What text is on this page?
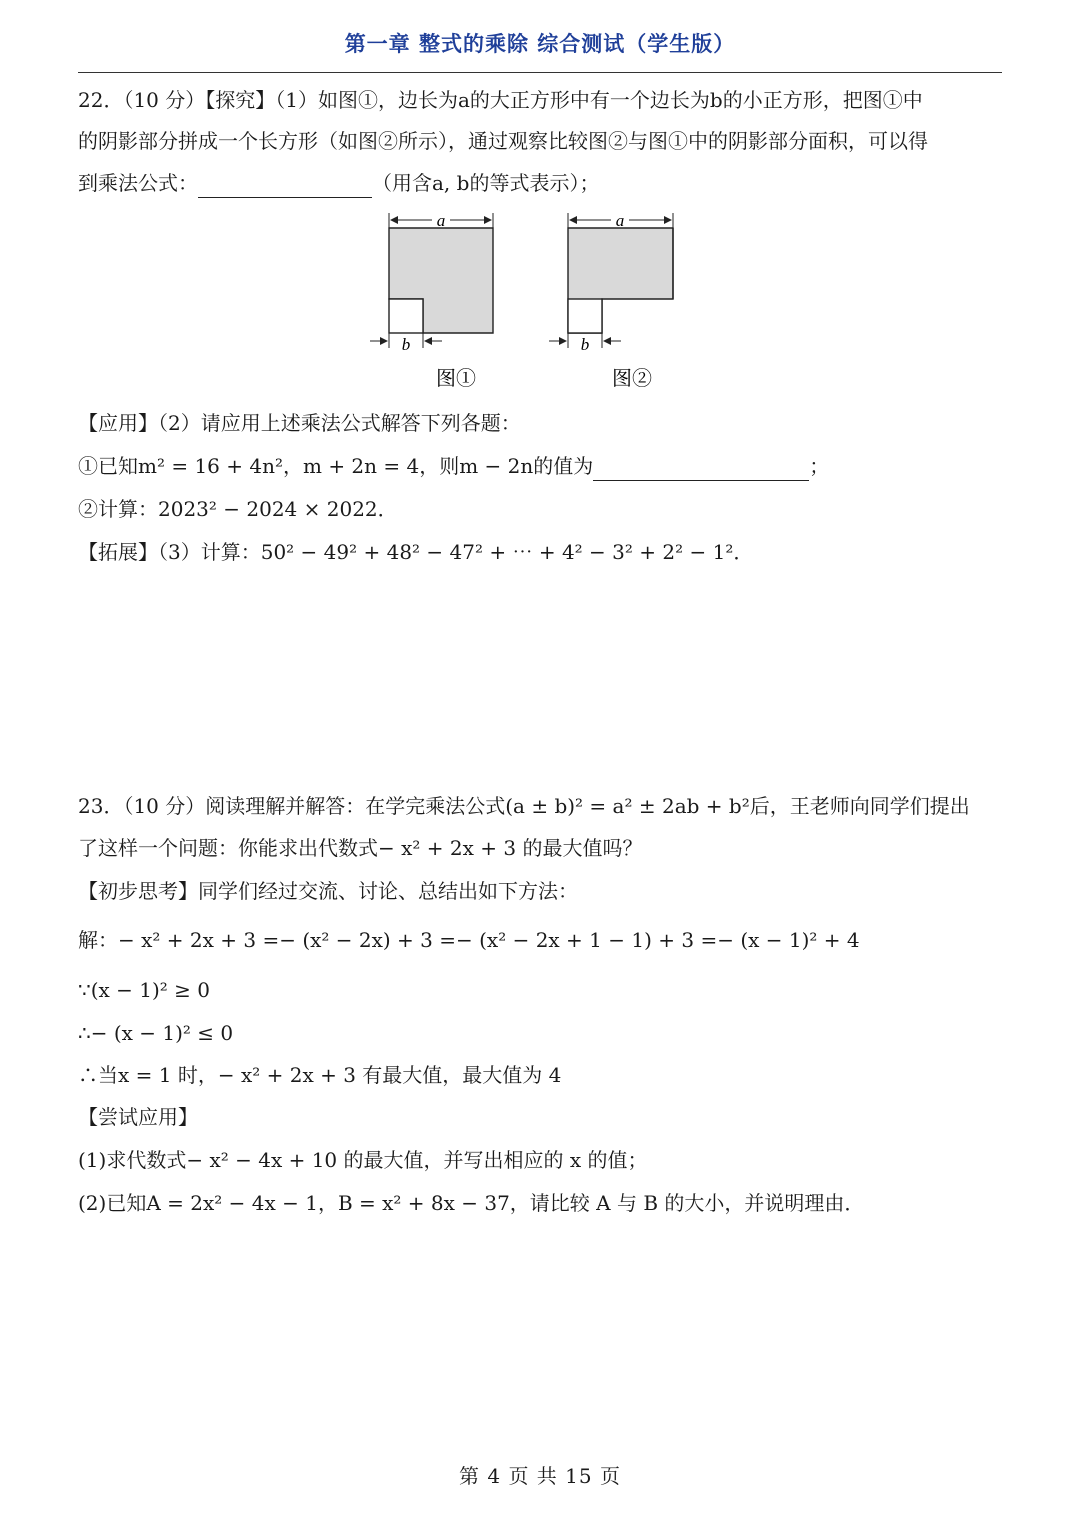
第一章 整式的乘除 综合测试（学生版）
22．（10 分）【探究】（1）如图①，边长为a的大正方形中有一个边长为b的小正方形，把图①中
的阴影部分拼成一个长方形（如图②所示），通过观察比较图②与图①中的阴影部分面积，可以得
到乘法公式：	（用含a, b的等式表示）；
a
b
图①
a
b
图②
【应用】（2）请应用上述乘法公式解答下列各题：
①已知m² = 16 + 4n²，m + 2n = 4，则m − 2n的值为	；
②计算：2023² − 2024 × 2022．
【拓展】（3）计算：50² − 49² + 48² − 47² + ⋯ + 4² − 3² + 2² − 1²．
23．（10 分）阅读理解并解答：在学完乘法公式(a ± b)² = a² ± 2ab + b²后，王老师向同学们提出
了这样一个问题：你能求出代数式− x² + 2x + 3 的最大值吗？
【初步思考】同学们经过交流、讨论、总结出如下方法：
解：− x² + 2x + 3 =− (x² − 2x) + 3 =− (x² − 2x + 1 − 1) + 3 =− (x − 1)² + 4
∵(x − 1)² ≥ 0
∴− (x − 1)² ≤ 0
∴当x = 1 时，− x² + 2x + 3 有最大值，最大值为 4
【尝试应用】
(1)求代数式− x² − 4x + 10 的最大值，并写出相应的 x 的值；
(2)已知A = 2x² − 4x − 1，B = x² + 8x − 37，请比较 A 与 B 的大小，并说明理由．
第 4 页 共 15 页
